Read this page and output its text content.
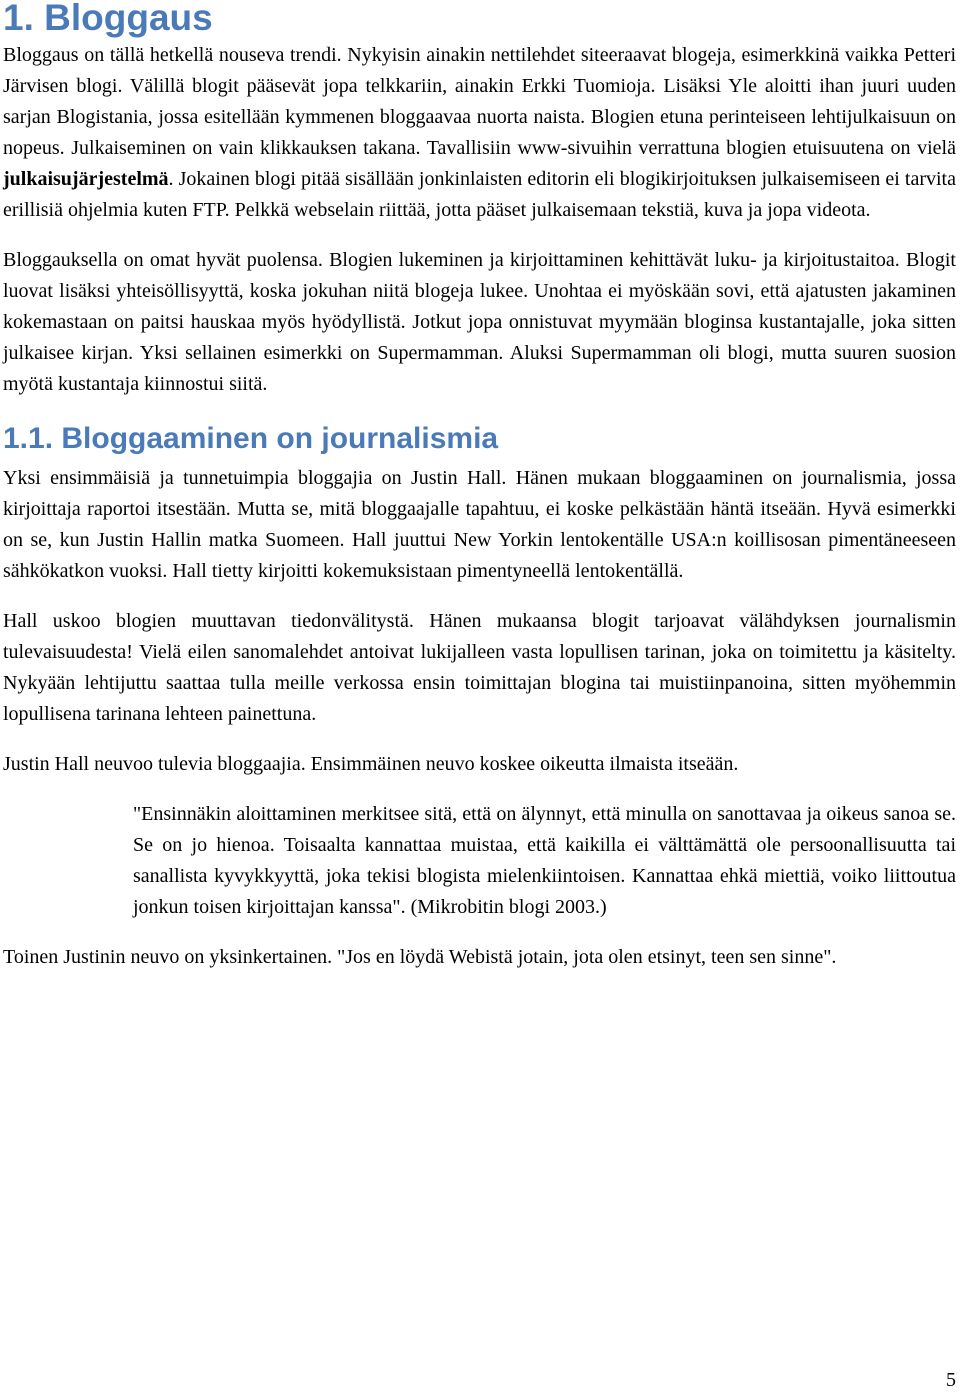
1. Bloggaus

Bloggaus on tällä hetkellä nouseva trendi. Nykyisin ainakin nettilehdet siteeraavat blogeja, esimerkkinä vaikka Petteri Järvisen blogi. Välillä blogit pääsevät jopa telkkariin, ainakin Erkki Tuomioja. Lisäksi Yle aloitti ihan juuri uuden sarjan Blogistania, jossa esitellään kymmenen bloggaavaa nuorta naista. Blogien etuna perinteiseen lehtijulkaisuun on nopeus. Julkaiseminen on vain klikkauksen takana. Tavallisiin www-sivuihin verrattuna blogien etuisuutena on vielä julkaisujärjestelmä. Jokainen blogi pitää sisällään jonkinlaisten editorin eli blogikirjoituksen julkaisemiseen ei tarvita erillisiä ohjelmia kuten FTP. Pelkkä webselain riittää, jotta pääset julkaisemaan tekstiä, kuva ja jopa videota.

Bloggauksella on omat hyvät puolensa. Blogien lukeminen ja kirjoittaminen kehittävät luku- ja kirjoitustaitoa. Blogit luovat lisäksi yhteisöllisyyttä, koska jokuhan niitä blogeja lukee. Unohtaa ei myöskään sovi, että ajatusten jakaminen kokemastaan on paitsi hauskaa myös hyödyllistä. Jotkut jopa onnistuvat myymään bloginsa kustantajalle, joka sitten julkaisee kirjan. Yksi sellainen esimerkki on Supermamman. Aluksi Supermamman oli blogi, mutta suuren suosion myötä kustantaja kiinnostui siitä.

1.1. Bloggaaminen on journalismia

Yksi ensimmäisiä ja tunnetuimpia bloggajia on Justin Hall. Hänen mukaan bloggaaminen on journalismia, jossa kirjoittaja raportoi itsestään. Mutta se, mitä bloggaajalle tapahtuu, ei koske pelkästään häntä itseään. Hyvä esimerkki on se, kun Justin Hallin matka Suomeen. Hall juuttui New Yorkin lentokentälle USA:n koillisosan pimentäneeseen sähkökatkon vuoksi. Hall tietty kirjoitti kokemuksistaan pimentyneellä lentokentällä.

Hall uskoo blogien muuttavan tiedonvälitystä. Hänen mukaansa blogit tarjoavat välähdyksen journalismin tulevaisuudesta! Vielä eilen sanomalehdet antoivat lukijalleen vasta lopullisen tarinan, joka on toimitettu ja käsitelty. Nykyään lehtijuttu saattaa tulla meille verkossa ensin toimittajan blogina tai muistiinpanoina, sitten myöhemmin lopullisena tarinana lehteen painettuna.

Justin Hall neuvoo tulevia bloggaajia. Ensimmäinen neuvo koskee oikeutta ilmaista itseään.

"Ensinnäkin aloittaminen merkitsee sitä, että on älynnyt, että minulla on sanottavaa ja oikeus sanoa se. Se on jo hienoa. Toisaalta kannattaa muistaa, että kaikilla ei välttämättä ole persoonallisuutta tai sanallista kyvykkyyttä, joka tekisi blogista mielenkiintoisen. Kannattaa ehkä miettiä, voiko liittoutua jonkun toisen kirjoittajan kanssa". (Mikrobitin blogi 2003.)

Toinen Justinin neuvo on yksinkertainen. "Jos en löydä Webistä jotain, jota olen etsinyt, teen sen sinne".

5
